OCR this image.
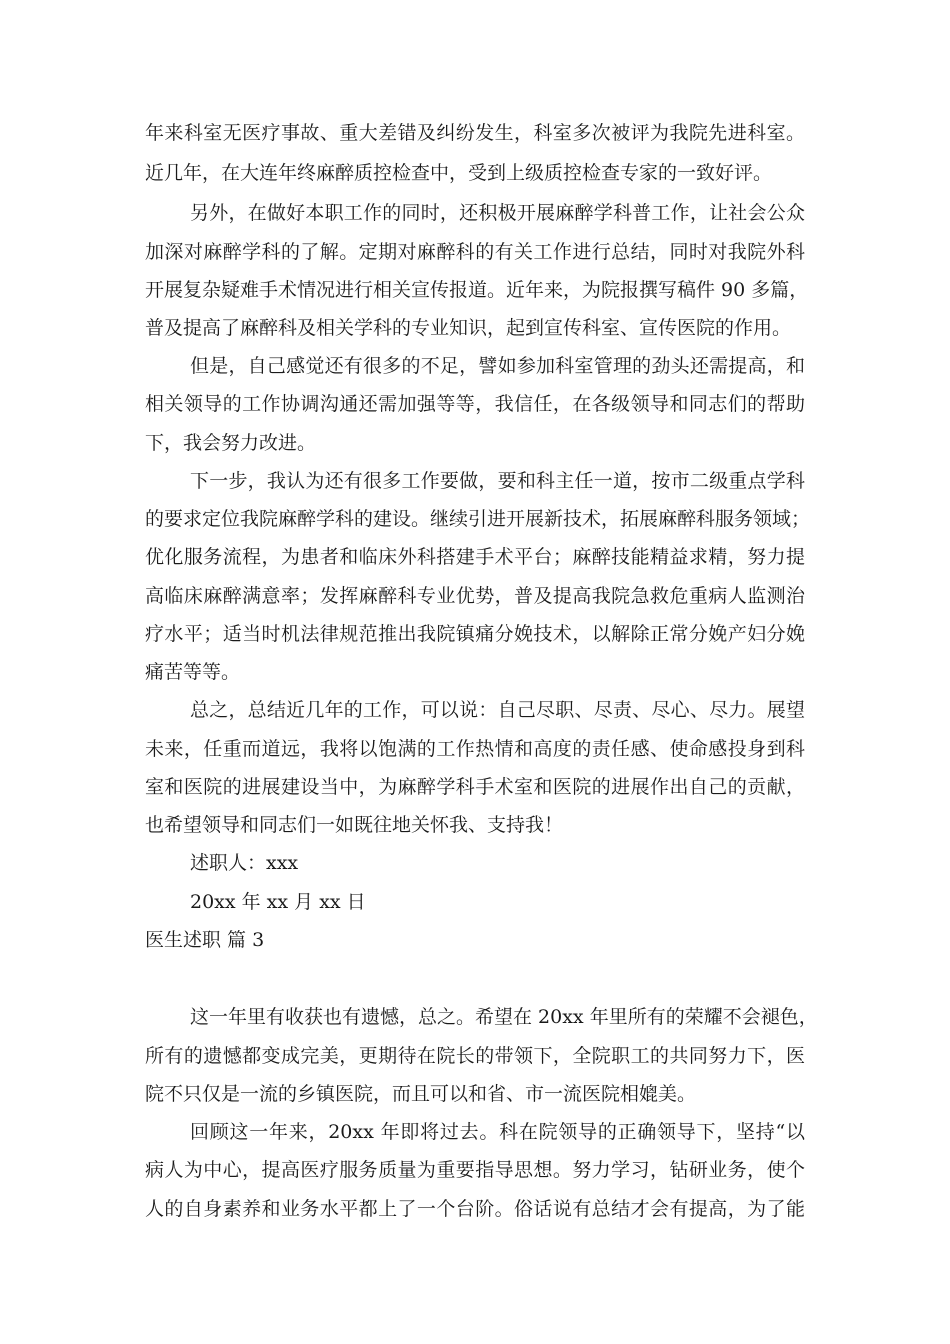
年来科室无医疗事故、重大差错及纠纷发生，科室多次被评为我院先进科室。
近几年，在大连年终麻醉质控检查中，受到上级质控检查专家的一致好评。
另外，在做好本职工作的同时，还积极开展麻醉学科普工作，让社会公众
加深对麻醉学科的了解。定期对麻醉科的有关工作进行总结，同时对我院外科
开展复杂疑难手术情况进行相关宣传报道。近年来，为院报撰写稿件 90 多篇，
普及提高了麻醉科及相关学科的专业知识，起到宣传科室、宣传医院的作用。
但是，自己感觉还有很多的不足，譬如参加科室管理的劲头还需提高，和
相关领导的工作协调沟通还需加强等等，我信任，在各级领导和同志们的帮助
下，我会努力改进。
下一步，我认为还有很多工作要做，要和科主任一道，按市二级重点学科
的要求定位我院麻醉学科的建设。继续引进开展新技术，拓展麻醉科服务领域；
优化服务流程，为患者和临床外科搭建手术平台；麻醉技能精益求精，努力提
高临床麻醉满意率；发挥麻醉科专业优势，普及提高我院急救危重病人监测治
疗水平；适当时机法律规范推出我院镇痛分娩技术，以解除正常分娩产妇分娩
痛苦等等。
总之，总结近几年的工作，可以说：自己尽职、尽责、尽心、尽力。展望
未来，任重而道远，我将以饱满的工作热情和高度的责任感、使命感投身到科
室和医院的进展建设当中，为麻醉学科手术室和医院的进展作出自己的贡献，
也希望领导和同志们一如既往地关怀我、支持我！
述职人：xxx
20xx 年 xx 月 xx 日
医生述职 篇 3
这一年里有收获也有遗憾，总之。希望在 20xx 年里所有的荣耀不会褪色，
所有的遗憾都变成完美，更期待在院长的带领下，全院职工的共同努力下，医
院不只仅是一流的乡镇医院，而且可以和省、市一流医院相媲美。
回顾这一年来，20xx 年即将过去。科在院领导的正确领导下，坚持“以
病人为中心，提高医疗服务质量为重要指导思想。努力学习，钻研业务，使个
人的自身素养和业务水平都上了一个台阶。俗话说有总结才会有提高，为了能
